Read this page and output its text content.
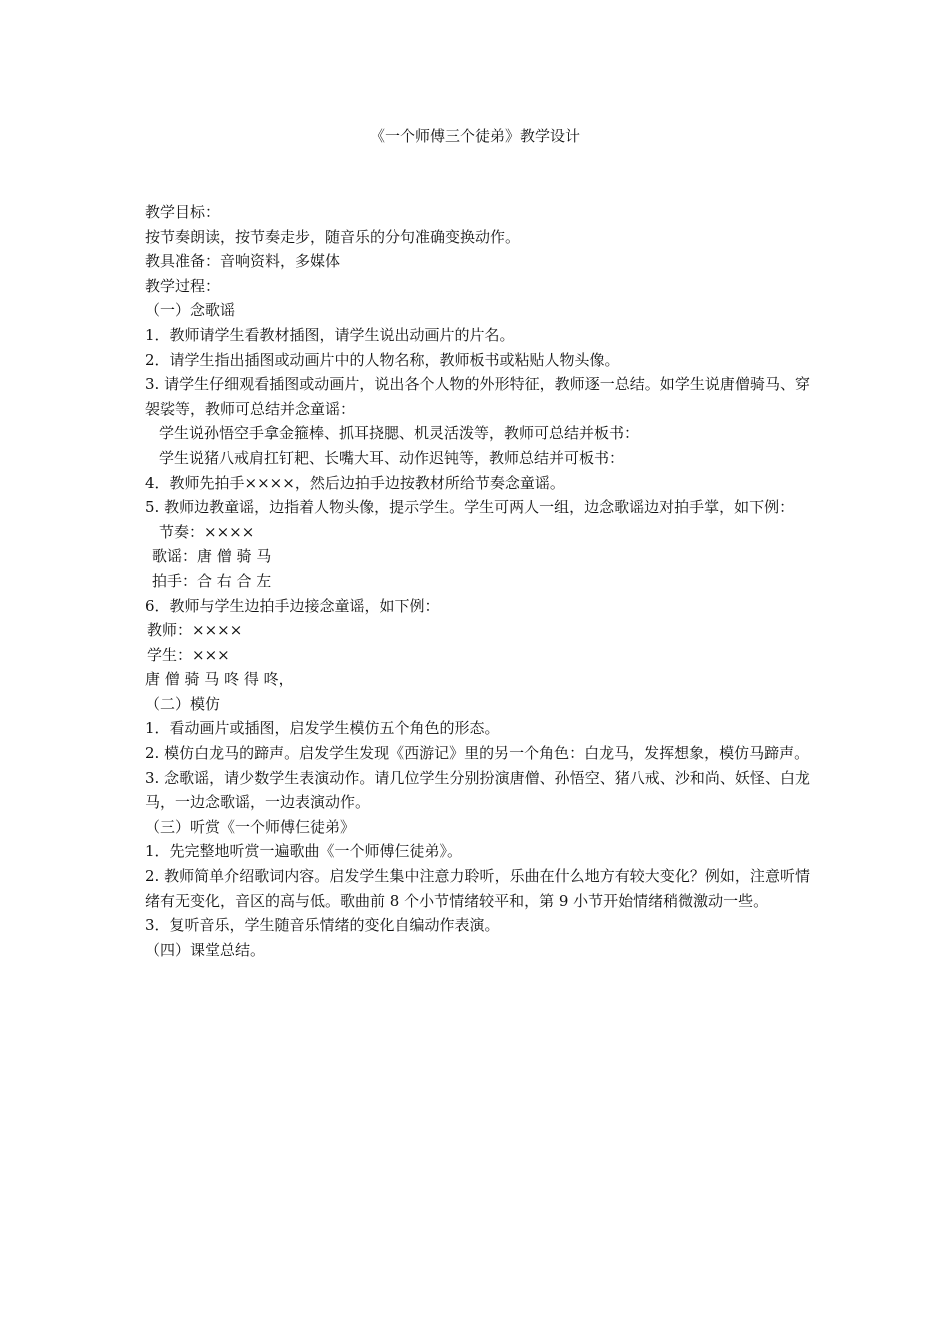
《一个师傅三个徒弟》教学设计
教学目标：
按节奏朗读，按节奏走步，随音乐的分句准确变换动作。
教具准备：音响资料，多媒体
教学过程：
（一）念歌谣
1．教师请学生看教材插图，请学生说出动画片的片名。
2．请学生指出插图或动画片中的人物名称，教师板书或粘贴人物头像。
3. 请学生仔细观看插图或动画片，说出各个人物的外形特征，教师逐一总结。如学生说唐僧骑马、穿袈裟等，教师可总结并念童谣：
学生说孙悟空手拿金箍棒、抓耳挠腮、机灵活泼等，教师可总结并板书：
学生说猪八戒肩扛钉耙、长嘴大耳、动作迟钝等，教师总结并可板书：
4．教师先拍手××××，然后边拍手边按教材所给节奏念童谣。
5. 教师边教童谣，边指着人物头像，提示学生。学生可两人一组，边念歌谣边对拍手掌，如下例：
节奏：××××
歌谣：唐 僧 骑 马
拍手：合 右 合 左
6．教师与学生边拍手边接念童谣，如下例：
教师：××××
学生：×××
唐 僧 骑 马 咚 得 咚，
（二）模仿
1．看动画片或插图，启发学生模仿五个角色的形态。
2. 模仿白龙马的蹄声。启发学生发现《西游记》里的另一个角色：白龙马，发挥想象，模仿马蹄声。
3. 念歌谣，请少数学生表演动作。请几位学生分别扮演唐僧、孙悟空、猪八戒、沙和尚、妖怪、白龙马，一边念歌谣，一边表演动作。
（三）听赏《一个师傅仨徒弟》
1．先完整地听赏一遍歌曲《一个师傅仨徒弟》。
2. 教师简单介绍歌词内容。启发学生集中注意力聆听，乐曲在什么地方有较大变化？例如，注意听情绪有无变化，音区的高与低。歌曲前 8 个小节情绪较平和，第 9 小节开始情绪稍微激动一些。
3．复听音乐，学生随音乐情绪的变化自编动作表演。
（四）课堂总结。
